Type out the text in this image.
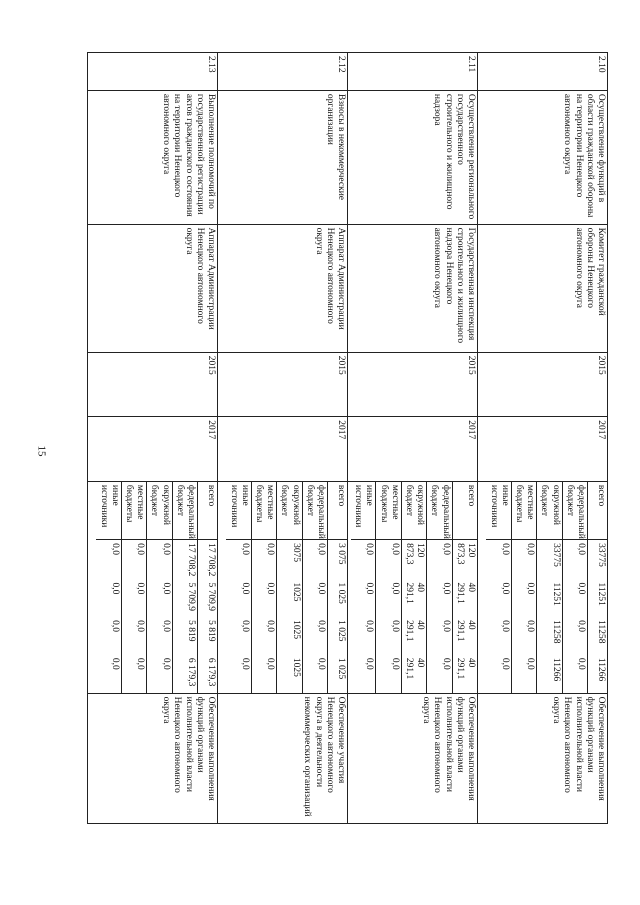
15
2.10	Осуществление функций в области гражданской обороны на территории Ненецкого автономного округа	Комитет гражданской обороны Ненецкого автономного округа	2015	2017	
всего	33775	11251	11258	11266
федеральный бюджет	0,0	0,0	0,0	0,0
окружной бюджет	33775	11251	11258	11266
местные бюджеты	0,0	0,0	0,0	0,0
иные источники	0,0	0,0	0,0	0,0
	Обеспечение выполнения функций органами исполнительной власти Ненецкого автономного округа
2.11	Осуществление регионального государственного строительного и жилищного надзора	Государственная инспекция строительного и жилищного надзора Ненецкого автономного округа	2015	2017	
всего	120 873,3	40 291,1	40 291,1	40 291,1
федеральный бюджет	0,0	0,0	0,0	0,0
окружной бюджет	120 873,3	40 291,1	40 291,1	40 291,1
местные бюджеты	0,0	0,0	0,0	0,0
иные источники	0,0	0,0	0,0	0,0
	Обеспечение выполнения функций органами исполнительной власти Ненецкого автономного округа
2.12	Взносы в некоммерческие организации	Аппарат Администрации Ненецкого автономного округа	2015	2017	
всего	3 075	1 025	1 025	1 025
федеральный бюджет	0,0	0,0	0,0	0,0
окружной бюджет	3075	1025	1025	1025
местные бюджеты	0,0	0,0	0,0	0,0
иные источники	0,0	0,0	0,0	0,0
	Обеспечение участия Ненецкого автономного округа в деятельности некоммерческих организаций
2.13	Выполнение полномочий по государственной регистрации актов гражданского состояния на территории Ненецкого автономного округа	Аппарат Администрации Ненецкого автономного округа	2015	2017	
всего	17 708,2	5 709,9	5 819	6 179,3
федеральный бюджет	17 708,2	5 709,9	5 819	6 179,3
окружной бюджет	0,0	0,0	0,0	0,0
местные бюджеты	0,0	0,0	0,0	0,0
иные источники	0,0	0,0	0,0	0,0
	Обеспечение выполнения функций органами исполнительной власти Ненецкого автономного округа
